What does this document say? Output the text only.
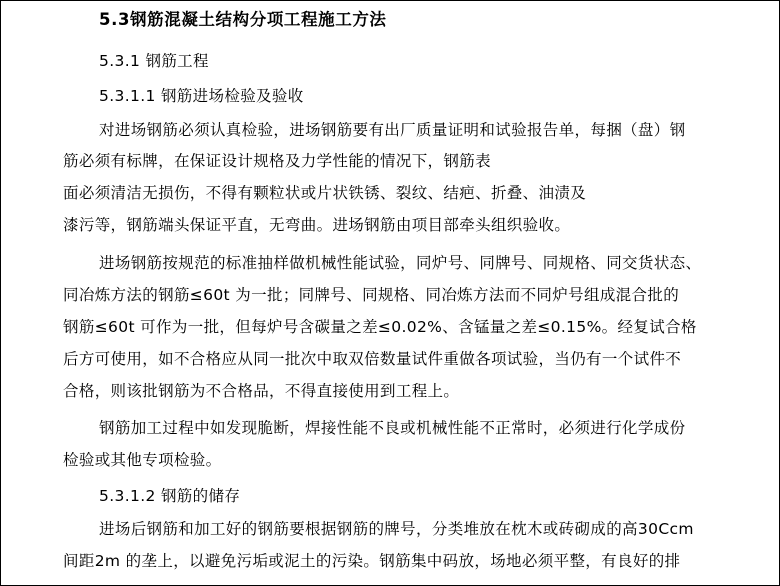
5.3钢筋混凝土结构分项工程施工方法
5.3.1 钢筋工程
5.3.1.1 钢筋进场检验及验收
对进场钢筋必须认真检验，进场钢筋要有出厂质量证明和试验报告单，每捆（盘）钢
筋必须有标牌，在保证设计规格及力学性能的情况下，钢筋表
面必须清洁无损伤，不得有颗粒状或片状铁锈、裂纹、结疤、折叠、油渍及
漆污等，钢筋端头保证平直，无弯曲。进场钢筋由项目部牵头组织验收。
进场钢筋按规范的标准抽样做机械性能试验，同炉号、同牌号、同规格、同交货状态、
同冶炼方法的钢筋≤60t 为一批；同牌号、同规格、同冶炼方法而不同炉号组成混合批的
钢筋≤60t 可作为一批，但每炉号含碳量之差≤0.02%、含锰量之差≤0.15%。经复试合格
后方可使用，如不合格应从同一批次中取双倍数量试件重做各项试验，当仍有一个试件不
合格，则该批钢筋为不合格品，不得直接使用到工程上。
钢筋加工过程中如发现脆断，焊接性能不良或机械性能不正常时，必须进行化学成份
检验或其他专项检验。
5.3.1.2 钢筋的储存
进场后钢筋和加工好的钢筋要根据钢筋的牌号，分类堆放在枕木或砖砌成的高30Ccm
间距2m 的垄上，以避免污垢或泥土的污染。钢筋集中码放，场地必须平整，有良好的排
